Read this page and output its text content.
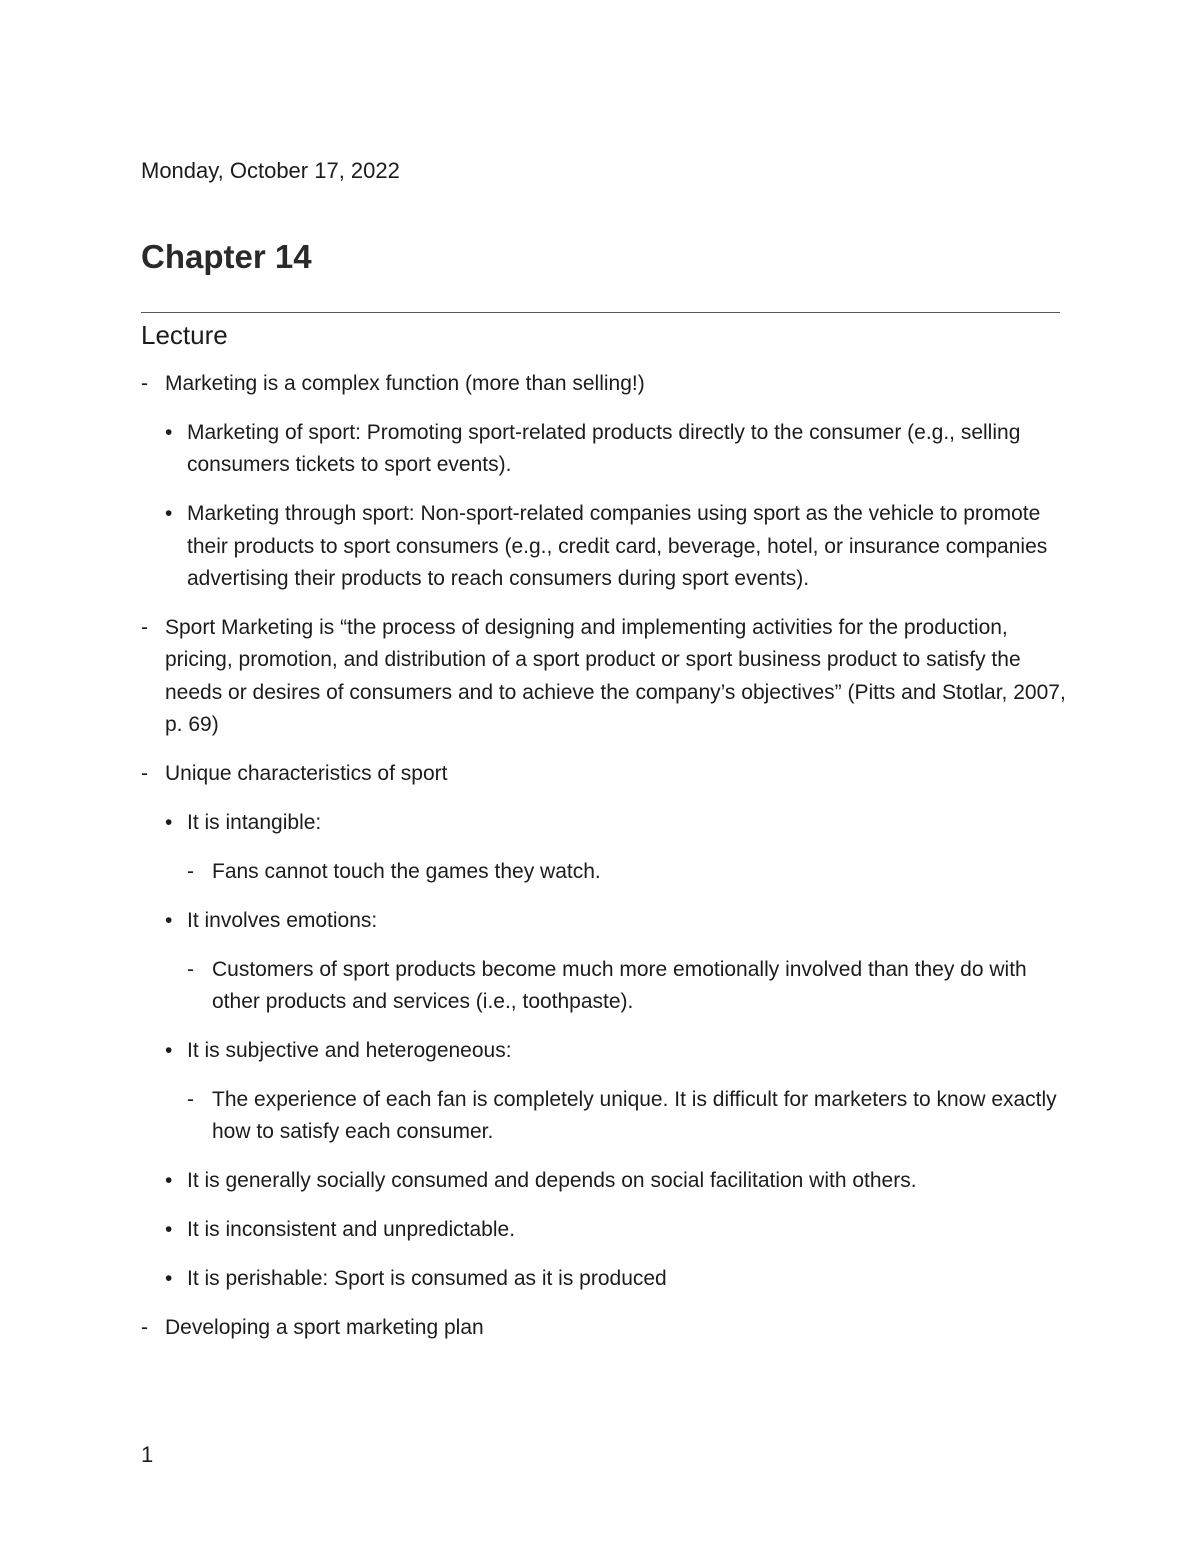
Monday, October 17, 2022
Chapter 14
Lecture
- Marketing is a complex function (more than selling!)
• Marketing of sport: Promoting sport-related products directly to the consumer (e.g., selling consumers tickets to sport events).
• Marketing through sport: Non-sport-related companies using sport as the vehicle to promote their products to sport consumers (e.g., credit card, beverage, hotel, or insurance companies advertising their products to reach consumers during sport events).
- Sport Marketing is “the process of designing and implementing activities for the production, pricing, promotion, and distribution of a sport product or sport business product to satisfy the needs or desires of consumers and to achieve the company’s objectives” (Pitts and Stotlar, 2007, p. 69)
- Unique characteristics of sport
• It is intangible:
- Fans cannot touch the games they watch.
• It involves emotions:
- Customers of sport products become much more emotionally involved than they do with other products and services (i.e., toothpaste).
• It is subjective and heterogeneous:
- The experience of each fan is completely unique. It is difficult for marketers to know exactly how to satisfy each consumer.
• It is generally socially consumed and depends on social facilitation with others.
• It is inconsistent and unpredictable.
• It is perishable: Sport is consumed as it is produced
- Developing a sport marketing plan
1
